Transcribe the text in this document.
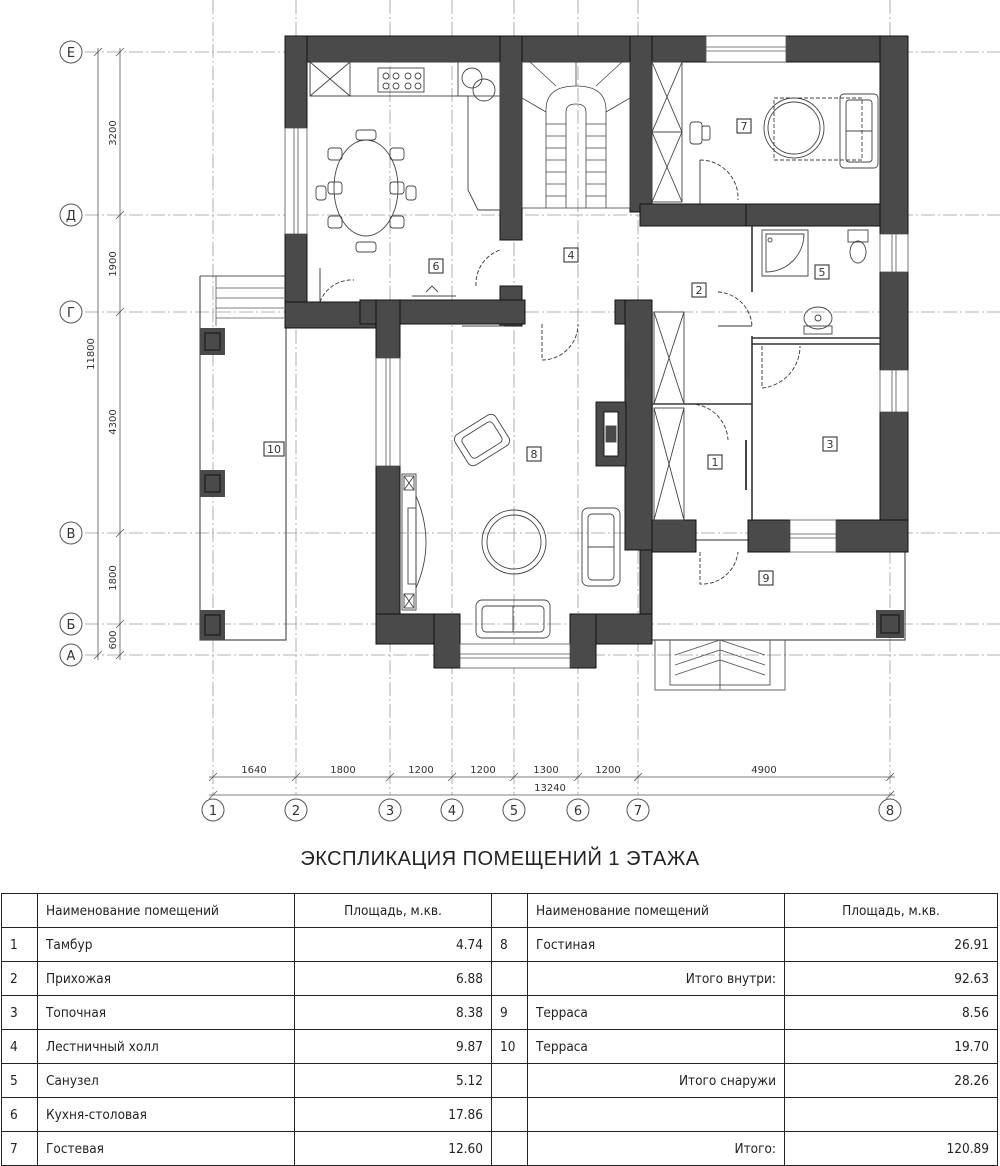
3200
1900
4300
1800
600
11800
Е
Д
Г
В
Б
А
1640	1800	1200	1200	1300	1200	4900
13240
1	2	3	4	5	6	7	8
1
2
3
4
5
6
7
8
9
10
ЭКСПЛИКАЦИЯ ПОМЕЩЕНИЙ 1 ЭТАЖА
	Наименование помещений	Площадь, м.кв.		Наименование помещений	Площадь, м.кв.
1	Тамбур	4.74	8	Гостиная	26.91
2	Прихожая	6.88		Итого внутри:	92.63
3	Топочная	8.38	9	Терраса	8.56
4	Лестничный холл	9.87	10	Терраса	19.70
5	Санузел	5.12		Итого снаружи	28.26
6	Кухня-столовая	17.86			
7	Гостевая	12.60		Итого:	120.89
